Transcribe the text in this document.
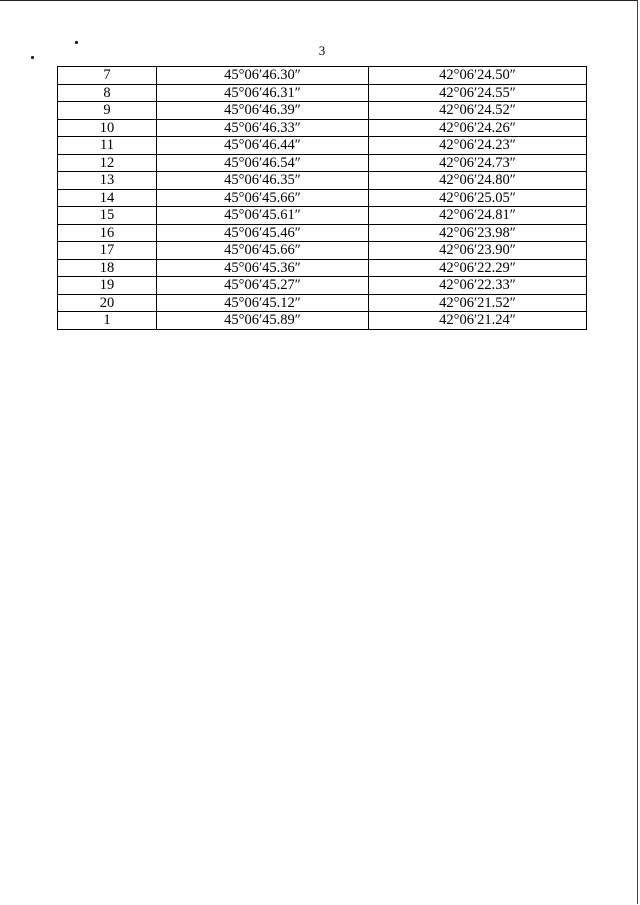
3
7	45°06′46.30″	42°06′24.50″
8	45°06′46.31″	42°06′24.55″
9	45°06′46.39″	42°06′24.52″
10	45°06′46.33″	42°06′24.26″
11	45°06′46.44″	42°06′24.23″
12	45°06′46.54″	42°06′24.73″
13	45°06′46.35″	42°06′24.80″
14	45°06′45.66″	42°06′25.05″
15	45°06′45.61″	42°06′24.81″
16	45°06′45.46″	42°06′23.98″
17	45°06′45.66″	42°06′23.90″
18	45°06′45.36″	42°06′22.29″
19	45°06′45.27″	42°06′22.33″
20	45°06′45.12″	42°06′21.52″
1	45°06′45.89″	42°06′21.24″
